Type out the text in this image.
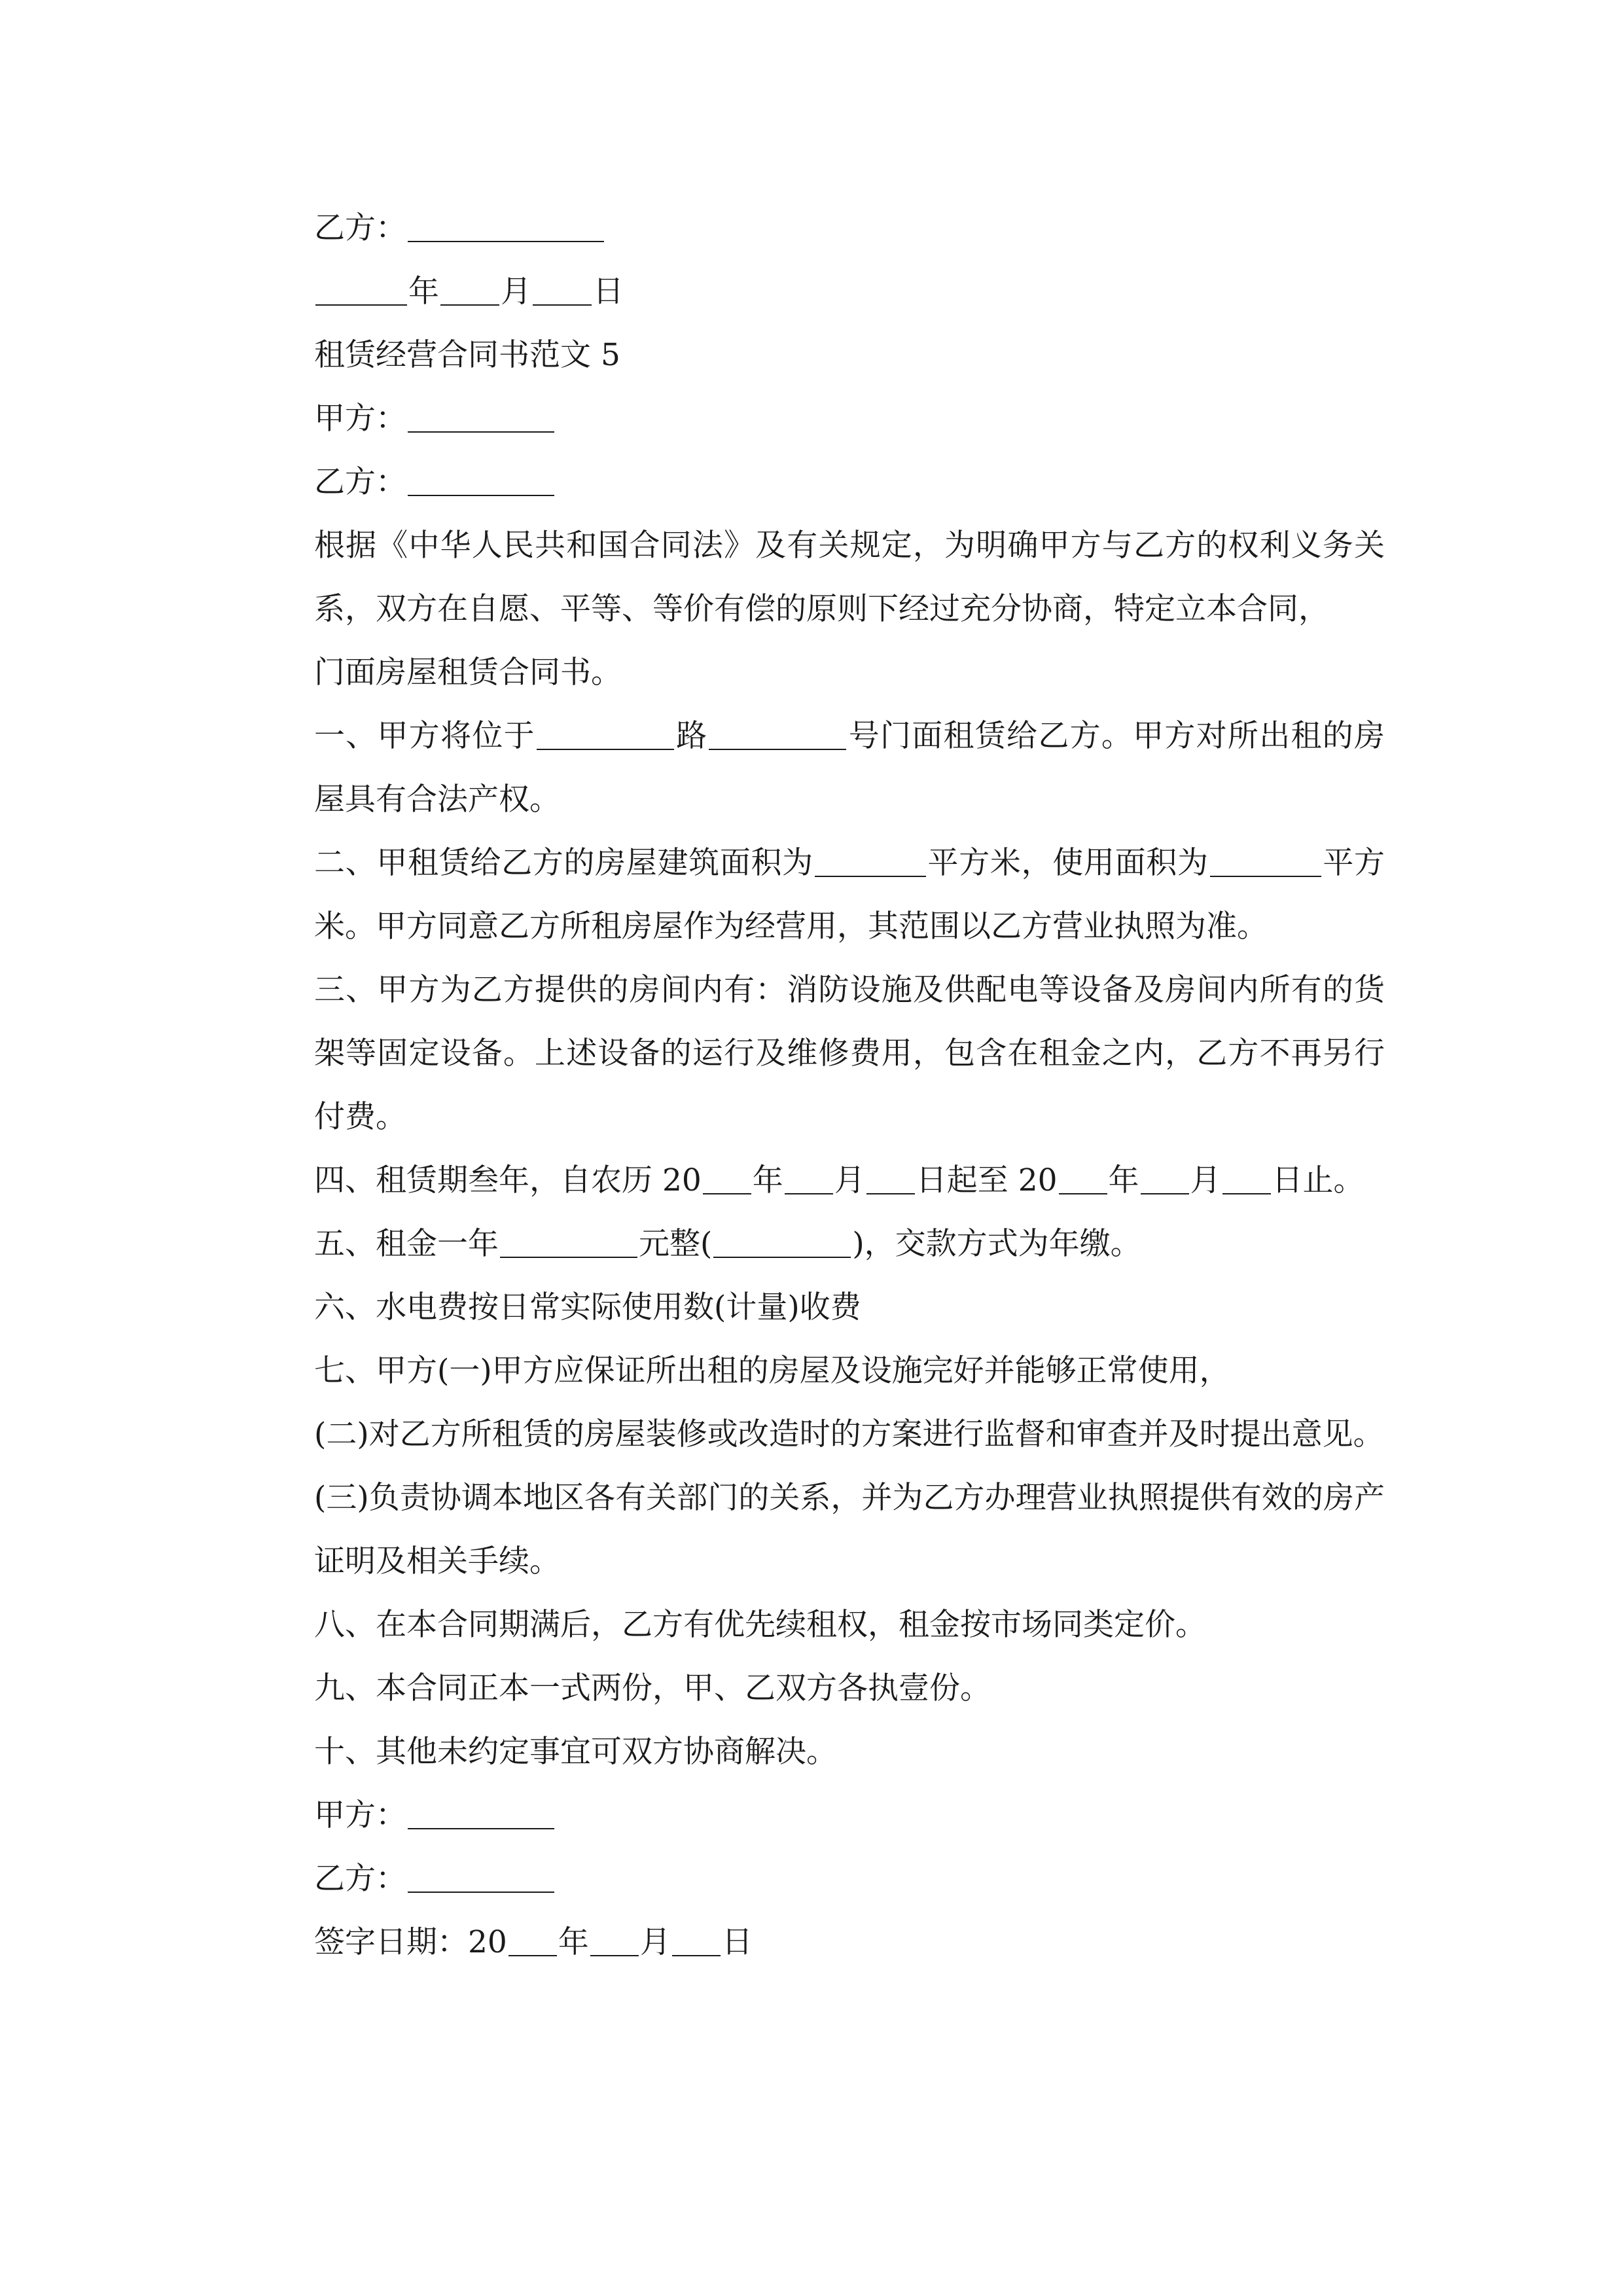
乙方：

年 月 日

租赁经营合同书范文 5

甲方：

乙方：

根据《中华人民共和国合同法》及有关规定，为明确甲方与乙方的权利义务关系，双方在自愿、平等、等价有偿的原则下经过充分协商，特定立本合同，

门面房屋租赁合同书。

一、甲方将位于	路	号门面租赁给乙方。甲方对所出租的房屋具有合法产权。

二、甲租赁给乙方的房屋建筑面积为	平方米，使用面积为	平方米。甲方同意乙方所租房屋作为经营用，其范围以乙方营业执照为准。

三、甲方为乙方提供的房间内有：消防设施及供配电等设备及房间内所有的货架等固定设备。上述设备的运行及维修费用，包含在租金之内，乙方不再另行付费。

四、租赁期叁年，自农历 20 年 月 日起至 20 年 月 日止。

五、租金一年	元整(	)，交款方式为年缴。

六、水电费按日常实际使用数(计量)收费

七、甲方(一)甲方应保证所出租的房屋及设施完好并能够正常使用，

(二)对乙方所租赁的房屋装修或改造时的方案进行监督和审查并及时提出意见。

(三)负责协调本地区各有关部门的关系，并为乙方办理营业执照提供有效的房产证明及相关手续。

八、在本合同期满后，乙方有优先续租权，租金按市场同类定价。

九、本合同正本一式两份，甲、乙双方各执壹份。

十、其他未约定事宜可双方协商解决。

甲方：

乙方：

签字日期：20 年 月 日
